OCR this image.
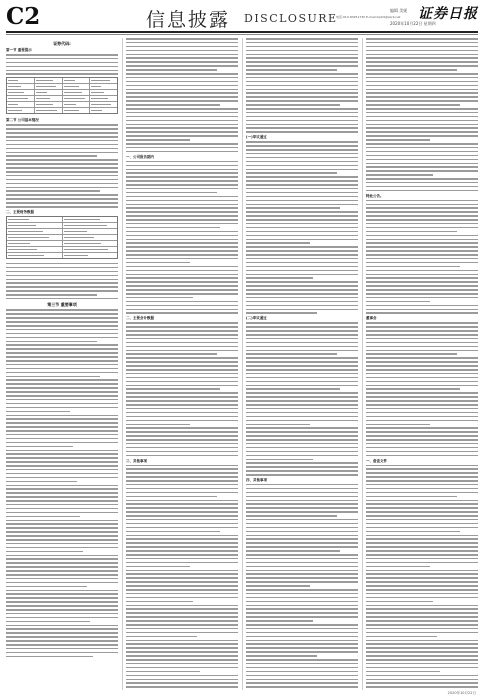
C2	信息披露 DISCLOSURE
电话:010-83251730 E-mail:zqrb9@zqrb.net 证券日报
编辑 美妮
2020年10月22日 星期四
证券代码:
第一节 重要提示
第二节 公司基本情况
二、主要财务数据
第三节 重要事项
一、公司报告期内
二、主要会计数据
三、其他事项
(一)审议通过
(二)审议通过
四、其他事项
特此公告。
董事会
一、备查文件
2020年10月22日
